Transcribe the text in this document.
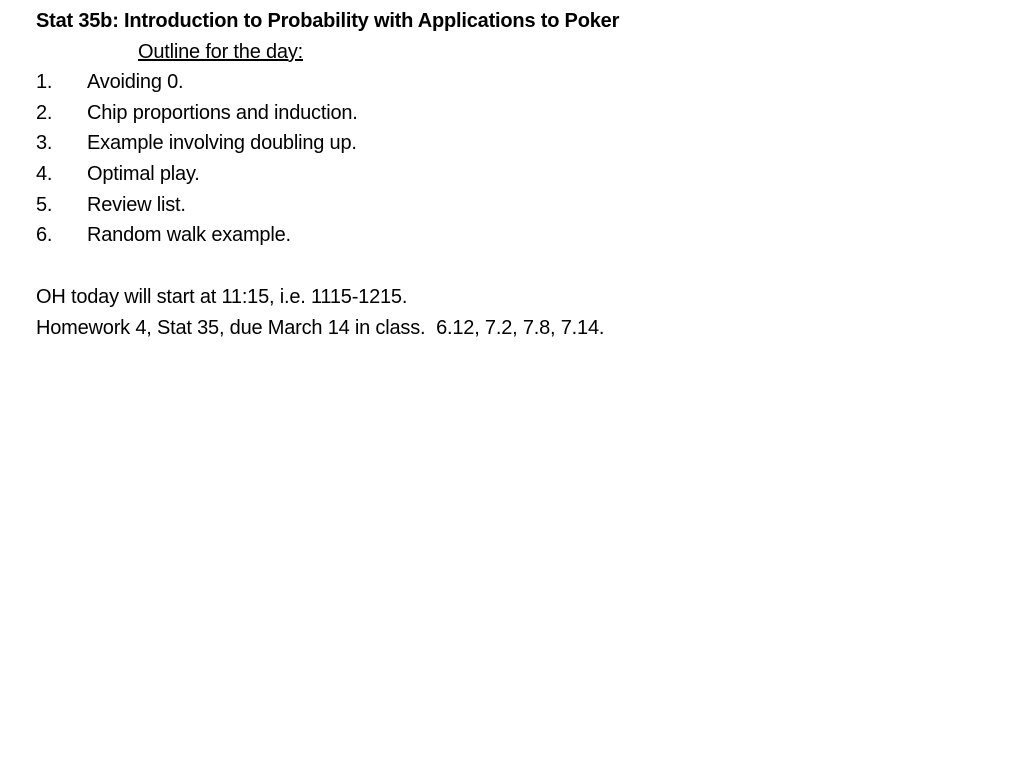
Stat 35b: Introduction to Probability with Applications to Poker
Outline for the day:
1. Avoiding 0.
2. Chip proportions and induction.
3. Example involving doubling up.
4. Optimal play.
5. Review list.
6. Random walk example.
OH today will start at 11:15, i.e. 1115-1215.
Homework 4, Stat 35, due March 14 in class.  6.12, 7.2, 7.8, 7.14.
